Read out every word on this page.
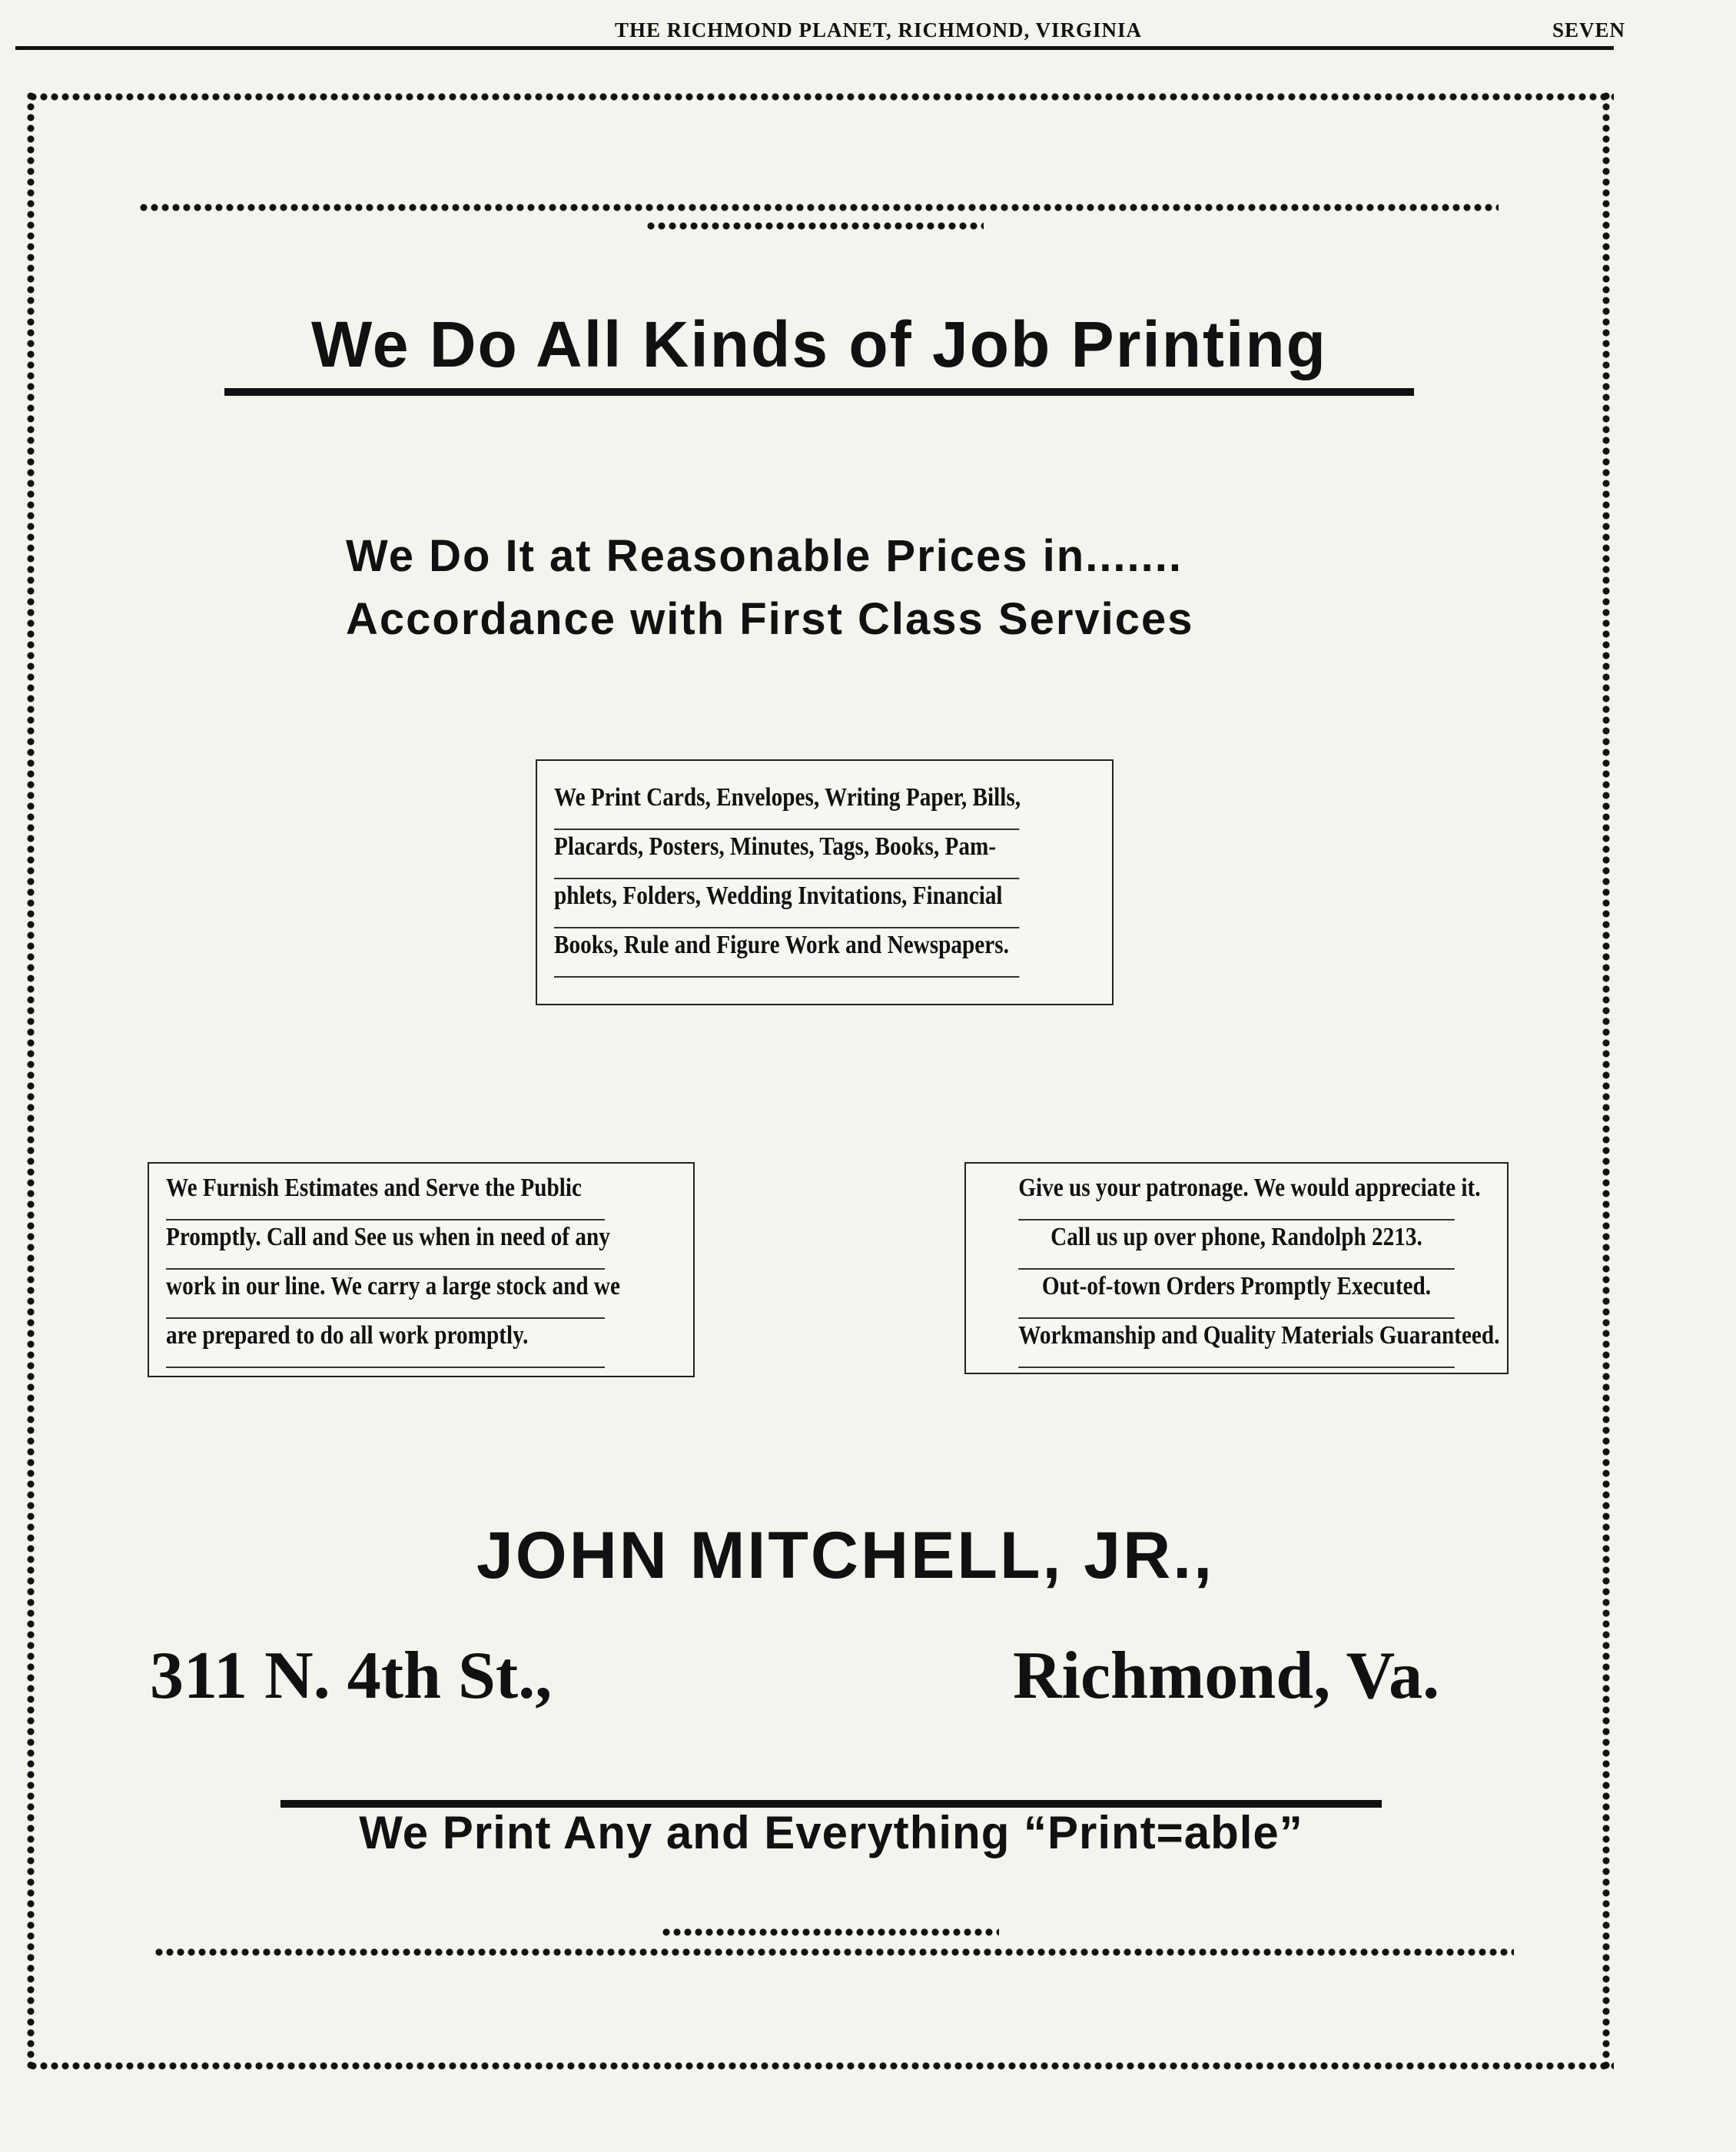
THE RICHMOND PLANET, RICHMOND, VIRGINIA	SEVEN
We Do All Kinds of Job Printing
We Do It at Reasonable Prices in.......
Accordance with First Class Services
We Print Cards, Envelopes, Writing Paper, Bills,
Placards, Posters, Minutes, Tags, Books, Pam-
phlets, Folders, Wedding Invitations, Financial
Books, Rule and Figure Work and Newspapers.
We Furnish Estimates and Serve the Public
Promptly. Call and See us when in need of any
work in our line. We carry a large stock and we
are prepared to do all work promptly.
Give us your patronage. We would appreciate it.
Call us up over phone, Randolph 2213.
Out-of-town Orders Promptly Executed.
Workmanship and Quality Materials Guaranteed.
JOHN MITCHELL, JR.,
311 N. 4th St.,	Richmond, Va.
We Print Any and Everything “Print=able”
